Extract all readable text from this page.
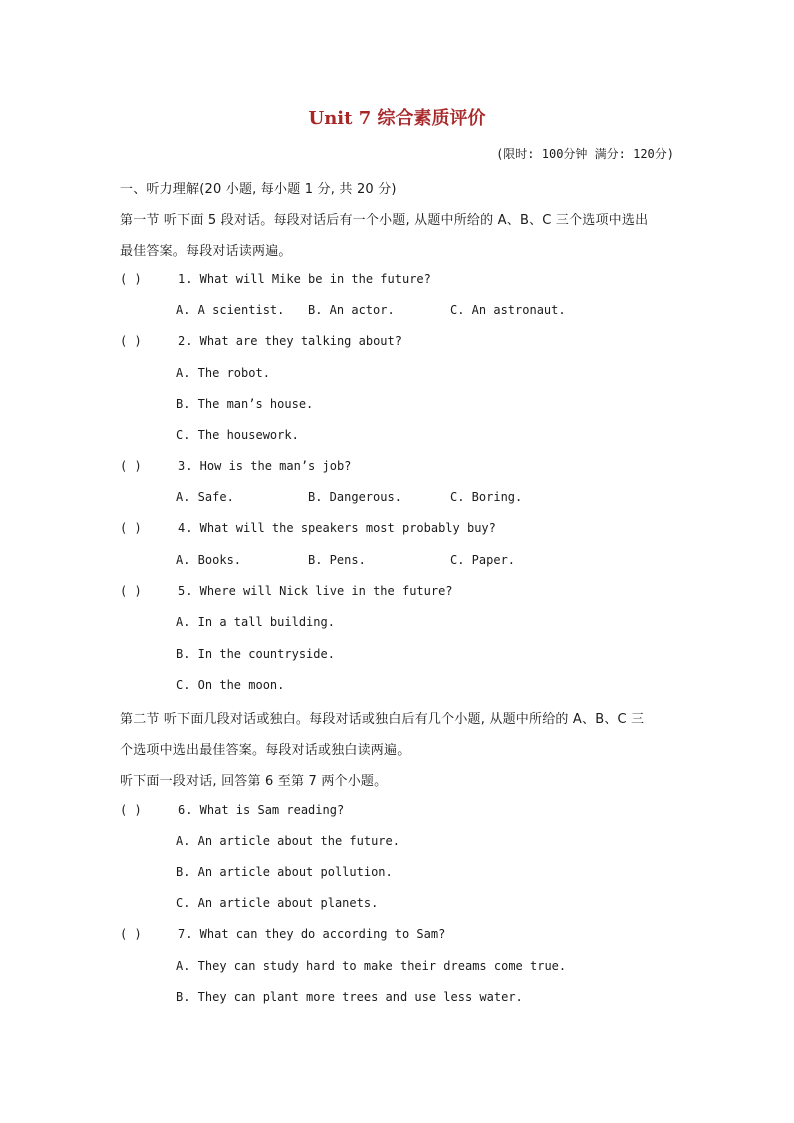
Unit 7 综合素质评价
(限时: 100分钟 满分: 120分)
一、听力理解(20 小题, 每小题 1 分, 共 20 分)
第一节 听下面 5 段对话。每段对话后有一个小题, 从题中所给的 A、B、C 三个选项中选出
最佳答案。每段对话读两遍。
( )	1. What will Mike be in the future?
A. A scientist. B. An actor.	C. An astronaut.
( )	2. What are they talking about?
A. The robot.
B. The man’s house.
C. The housework.
( )	3. How is the man’s job?
A. Safe.	B. Dangerous.	C. Boring.
( )	4. What will the speakers most probably buy?
A. Books.	B. Pens.	C. Paper.
( )	5. Where will Nick live in the future?
A. In a tall building.
B. In the countryside.
C. On the moon.
第二节 听下面几段对话或独白。每段对话或独白后有几个小题, 从题中所给的 A、B、C 三
个选项中选出最佳答案。每段对话或独白读两遍。
听下面一段对话, 回答第 6 至第 7 两个小题。
( )	6. What is Sam reading?
A. An article about the future.
B. An article about pollution.
C. An article about planets.
( )	7. What can they do according to Sam?
A. They can study hard to make their dreams come true.
B. They can plant more trees and use less water.
